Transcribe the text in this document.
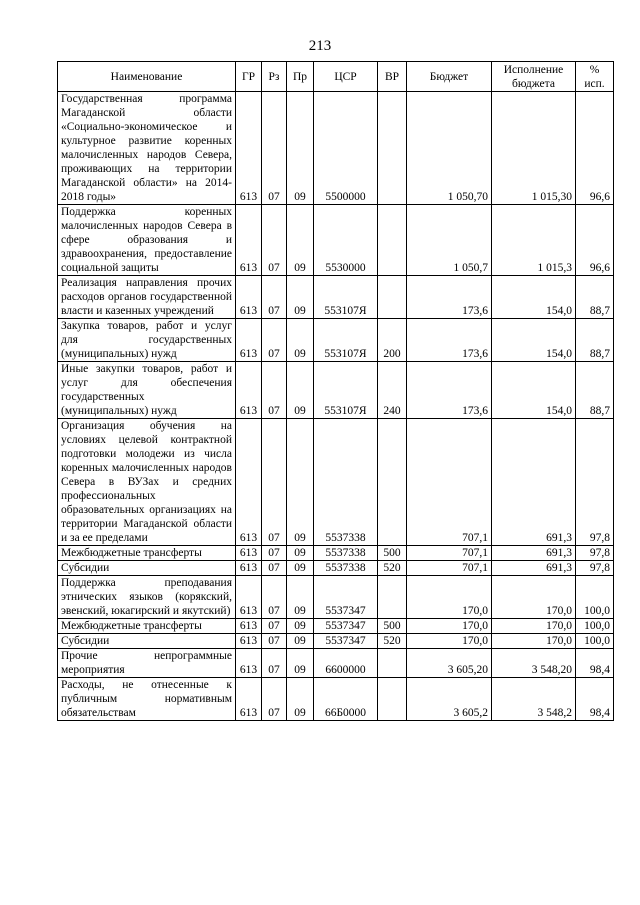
213
Наименование	ГР	Рз	Пр	ЦСР	ВР	Бюджет	Исполнение бюджета	% исп.
Государственная программа Магаданской области «Социально-экономическое и культурное развитие коренных малочисленных народов Севера, проживающих на территории Магаданской области» на 2014-2018 годы»	613	07	09	5500000		1 050,70	1 015,30	96,6
Поддержка коренных малочисленных народов Севера в сфере образования и здравоохранения, предоставление социальной защиты	613	07	09	5530000		1 050,7	1 015,3	96,6
Реализация направления прочих расходов органов государственной власти и казенных учреждений	613	07	09	553107Я		173,6	154,0	88,7
Закупка товаров, работ и услуг для государственных (муниципальных) нужд	613	07	09	553107Я	200	173,6	154,0	88,7
Иные закупки товаров, работ и услуг для обеспечения государственных (муниципальных) нужд	613	07	09	553107Я	240	173,6	154,0	88,7
Организация обучения на условиях целевой контрактной подготовки молодежи из числа коренных малочисленных народов Севера в ВУЗах и средних профессиональных образовательных организациях на территории Магаданской области и за ее пределами	613	07	09	5537338		707,1	691,3	97,8
Межбюджетные трансферты	613	07	09	5537338	500	707,1	691,3	97,8
Субсидии	613	07	09	5537338	520	707,1	691,3	97,8
Поддержка преподавания этнических языков (корякский, эвенский, юкагирский и якутский)	613	07	09	5537347		170,0	170,0	100,0
Межбюджетные трансферты	613	07	09	5537347	500	170,0	170,0	100,0
Субсидии	613	07	09	5537347	520	170,0	170,0	100,0
Прочие непрограммные мероприятия	613	07	09	6600000		3 605,20	3 548,20	98,4
Расходы, не отнесенные к публичным нормативным обязательствам	613	07	09	66Б0000		3 605,2	3 548,2	98,4
